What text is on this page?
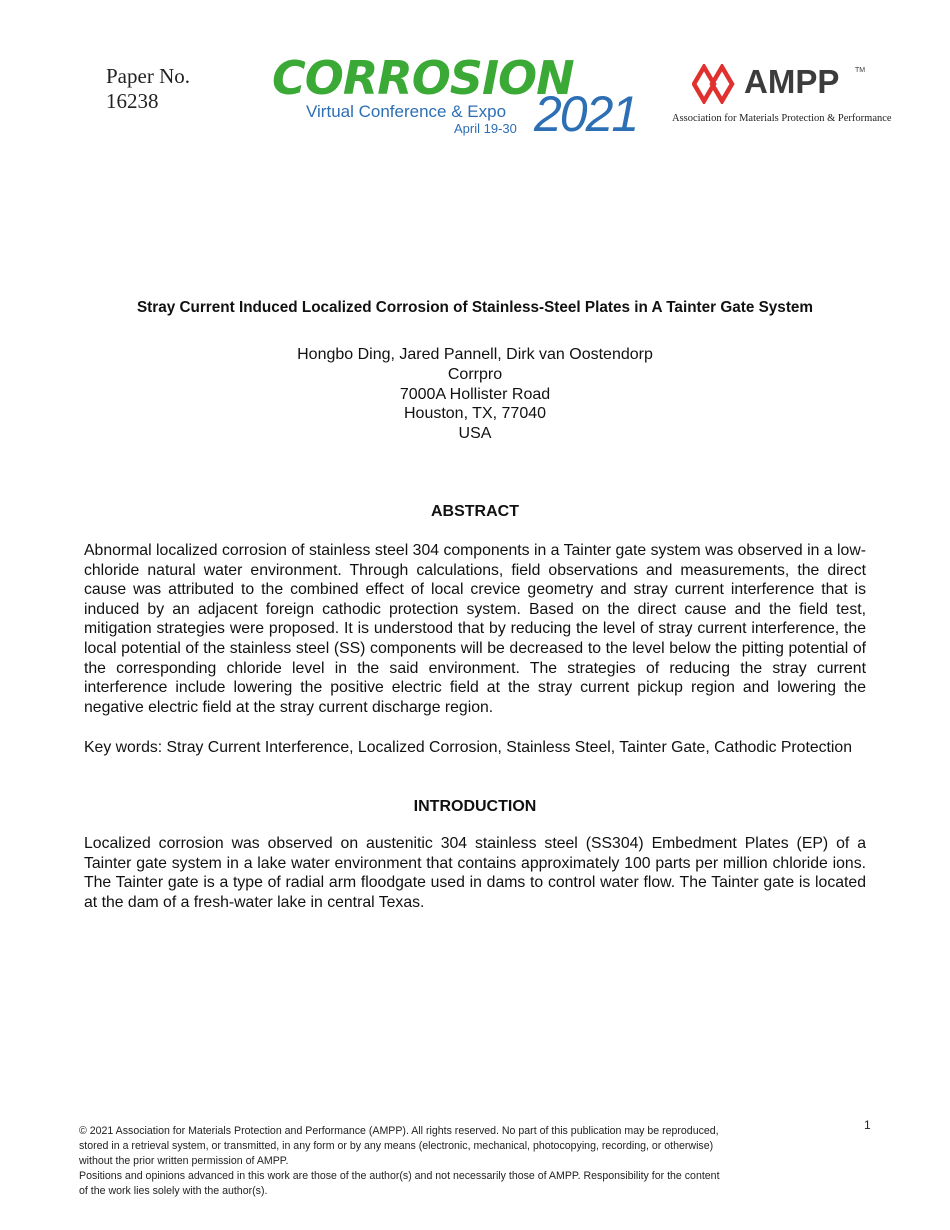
Paper No.
16238	CORROSION
Virtual Conference & Expo
April 19-30 2021
AMPP TM
Association for Materials Protection & Performance
Stray Current Induced Localized Corrosion of Stainless-Steel Plates in A Tainter Gate System
Hongbo Ding, Jared Pannell, Dirk van Oostendorp
Corrpro
7000A Hollister Road
Houston, TX, 77040
USA
ABSTRACT
Abnormal localized corrosion of stainless steel 304 components in a Tainter gate system was observed in a low-chloride natural water environment. Through calculations, field observations and measurements, the direct cause was attributed to the combined effect of local crevice geometry and stray current interference that is induced by an adjacent foreign cathodic protection system. Based on the direct cause and the field test, mitigation strategies were proposed. It is understood that by reducing the level of stray current interference, the local potential of the stainless steel (SS) components will be decreased to the level below the pitting potential of the corresponding chloride level in the said environment. The strategies of reducing the stray current interference include lowering the positive electric field at the stray current pickup region and lowering the negative electric field at the stray current discharge region.
Key words: Stray Current Interference, Localized Corrosion, Stainless Steel, Tainter Gate, Cathodic Protection
INTRODUCTION
Localized corrosion was observed on austenitic 304 stainless steel (SS304) Embedment Plates (EP) of a Tainter gate system in a lake water environment that contains approximately 100 parts per million chloride ions. The Tainter gate is a type of radial arm floodgate used in dams to control water flow. The Tainter gate is located at the dam of a fresh-water lake in central Texas.
1
© 2021 Association for Materials Protection and Performance (AMPP). All rights reserved. No part of this publication may be reproduced,
stored in a retrieval system, or transmitted, in any form or by any means (electronic, mechanical, photocopying, recording, or otherwise)
without the prior written permission of AMPP.
Positions and opinions advanced in this work are those of the author(s) and not necessarily those of AMPP. Responsibility for the content
of the work lies solely with the author(s).
